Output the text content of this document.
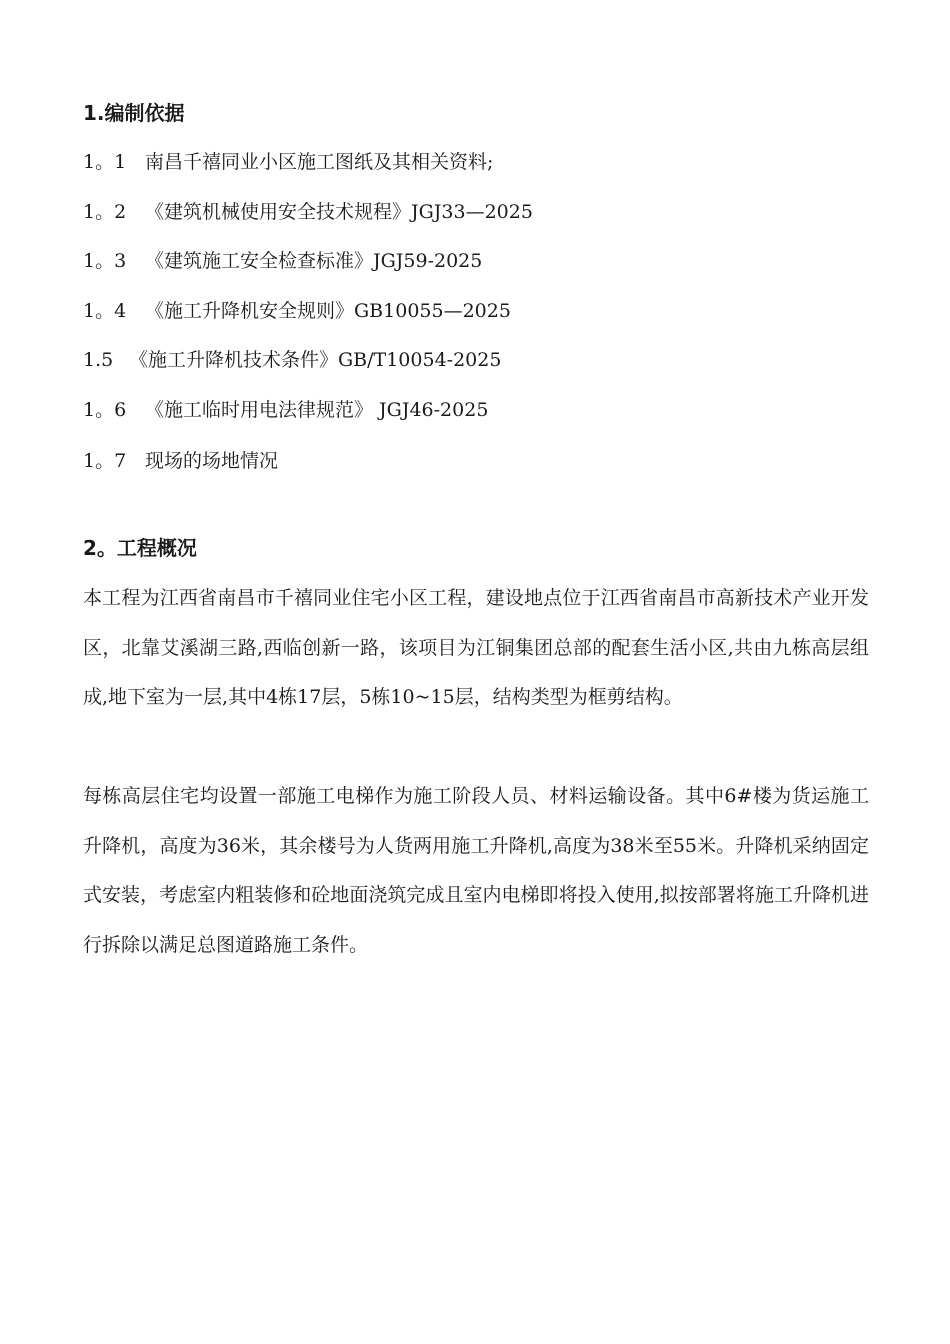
1.编制依据
1。1 南昌千禧同业小区施工图纸及其相关资料;
1。2 《建筑机械使用安全技术规程》JGJ33—2025
1。3 《建筑施工安全检查标准》JGJ59-2025
1。4 《施工升降机安全规则》GB10055—2025
1.5 《施工升降机技术条件》GB/T10054-2025
1。6 《施工临时用电法律规范》 JGJ46-2025
1。7 现场的场地情况
2。工程概况

本工程为江西省南昌市千禧同业住宅小区工程，建设地点位于江西省南昌市高新技术产业开发区，北靠艾溪湖三路,西临创新一路，该项目为江铜集团总部的配套生活小区,共由九栋高层组成,地下室为一层,其中4栋17层，5栋10~15层，结构类型为框剪结构。

每栋高层住宅均设置一部施工电梯作为施工阶段人员、材料运输设备。其中6#楼为货运施工升降机，高度为36米，其余楼号为人货两用施工升降机,高度为38米至55米。升降机采纳固定式安装，考虑室内粗装修和砼地面浇筑完成且室内电梯即将投入使用,拟按部署将施工升降机进行拆除以满足总图道路施工条件。
